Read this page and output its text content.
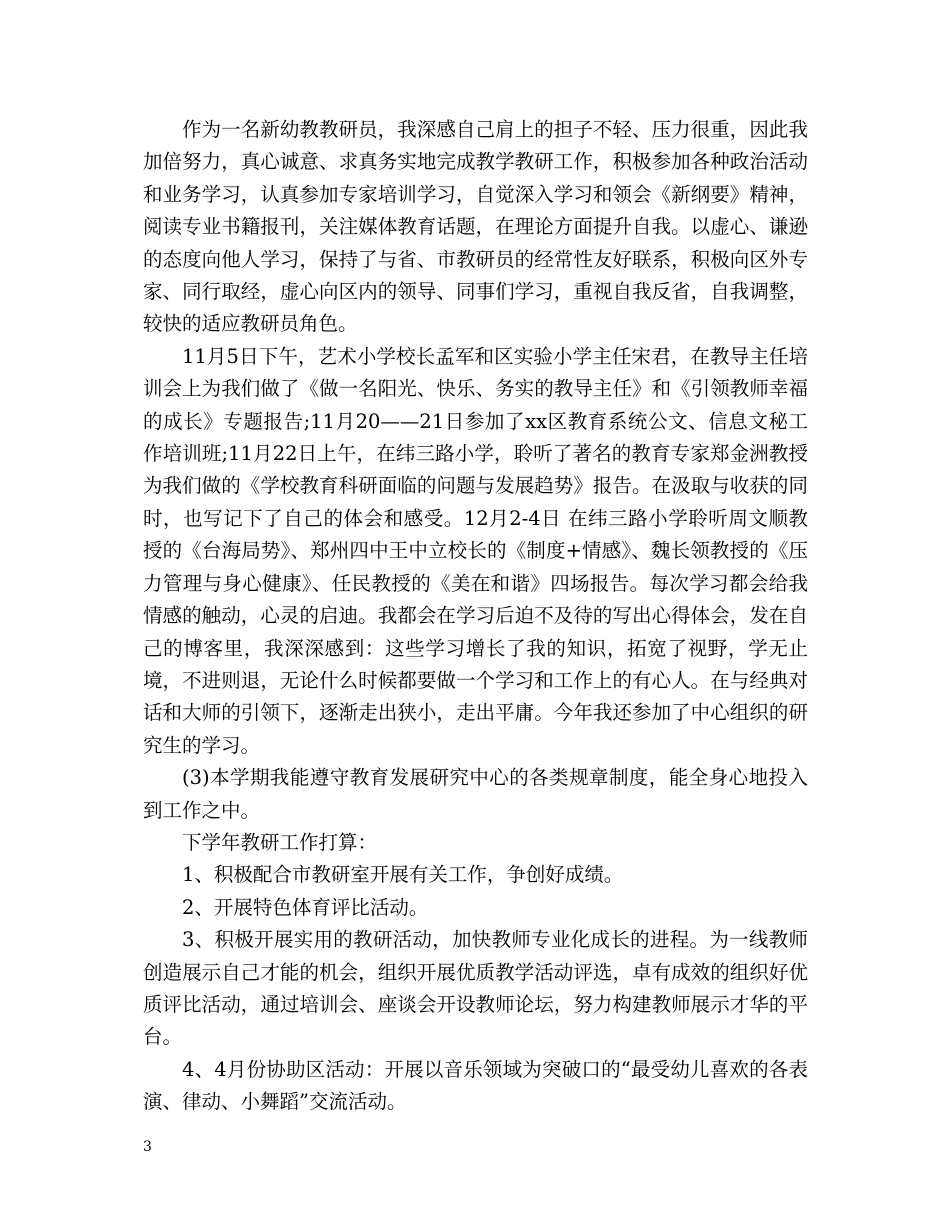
作为一名新幼教教研员，我深感自己肩上的担子不轻、压力很重，因此我加倍努力，真心诚意、求真务实地完成教学教研工作，积极参加各种政治活动和业务学习，认真参加专家培训学习，自觉深入学习和领会《新纲要》精神，阅读专业书籍报刊，关注媒体教育话题，在理论方面提升自我。以虚心、谦逊的态度向他人学习，保持了与省、市教研员的经常性友好联系，积极向区外专家、同行取经，虚心向区内的领导、同事们学习，重视自我反省，自我调整，较快的适应教研员角色。

11月5日下午，艺术小学校长孟军和区实验小学主任宋君，在教导主任培训会上为我们做了《做一名阳光、快乐、务实的教导主任》和《引领教师幸福的成长》专题报告;11月20——21日参加了xx区教育系统公文、信息文秘工作培训班;11月22日上午，在纬三路小学，聆听了著名的教育专家郑金洲教授为我们做的《学校教育科研面临的问题与发展趋势》报告。在汲取与收获的同时，也写记下了自己的体会和感受。12月2-4日 在纬三路小学聆听周文顺教授的《台海局势》、郑州四中王中立校长的《制度+情感》、魏长领教授的《压力管理与身心健康》、任民教授的《美在和谐》四场报告。每次学习都会给我情感的触动，心灵的启迪。我都会在学习后迫不及待的写出心得体会，发在自己的博客里，我深深感到：这些学习增长了我的知识，拓宽了视野，学无止境，不进则退，无论什么时候都要做一个学习和工作上的有心人。在与经典对话和大师的引领下，逐渐走出狭小，走出平庸。今年我还参加了中心组织的研究生的学习。

(3)本学期我能遵守教育发展研究中心的各类规章制度，能全身心地投入到工作之中。

下学年教研工作打算：

1、积极配合市教研室开展有关工作，争创好成绩。

2、开展特色体育评比活动。

3、积极开展实用的教研活动，加快教师专业化成长的进程。为一线教师创造展示自己才能的机会，组织开展优质教学活动评选，卓有成效的组织好优质评比活动，通过培训会、座谈会开设教师论坛，努力构建教师展示才华的平台。

4、4月份协助区活动：开展以音乐领域为突破口的“最受幼儿喜欢的各表演、律动、小舞蹈”交流活动。

3
